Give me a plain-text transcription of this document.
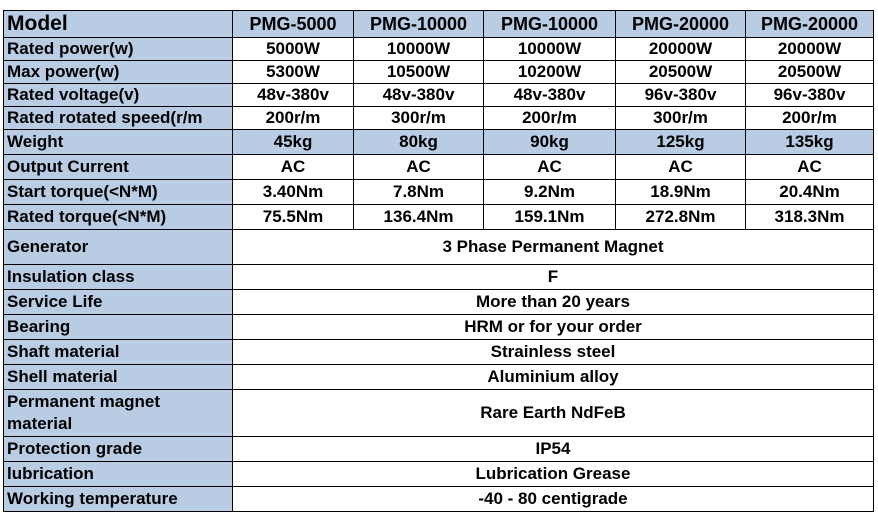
Model	PMG-5000	PMG-10000	PMG-10000	PMG-20000	PMG-20000
Rated power(w)	5000W	10000W	10000W	20000W	20000W
Max power(w)	5300W	10500W	10200W	20500W	20500W
Rated voltage(v)	48v-380v	48v-380v	48v-380v	96v-380v	96v-380v
Rated rotated speed(r/m	200r/m	300r/m	200r/m	300r/m	200r/m
Weight	45kg	80kg	90kg	125kg	135kg
Output Current	AC	AC	AC	AC	AC
Start torque(<N*M)	3.40Nm	7.8Nm	9.2Nm	18.9Nm	20.4Nm
Rated torque(<N*M)	75.5Nm	136.4Nm	159.1Nm	272.8Nm	318.3Nm
Generator	3 Phase Permanent Magnet				
Insulation class	F				
Service Life	More than 20 years				
Bearing	HRM or for your order				
Shaft material	Strainless steel				
Shell material	Aluminium alloy				
Permanent magnet material	Rare Earth NdFeB				
Protection grade	IP54				
lubrication	Lubrication Grease				
Working temperature	-40 - 80 centigrade				
